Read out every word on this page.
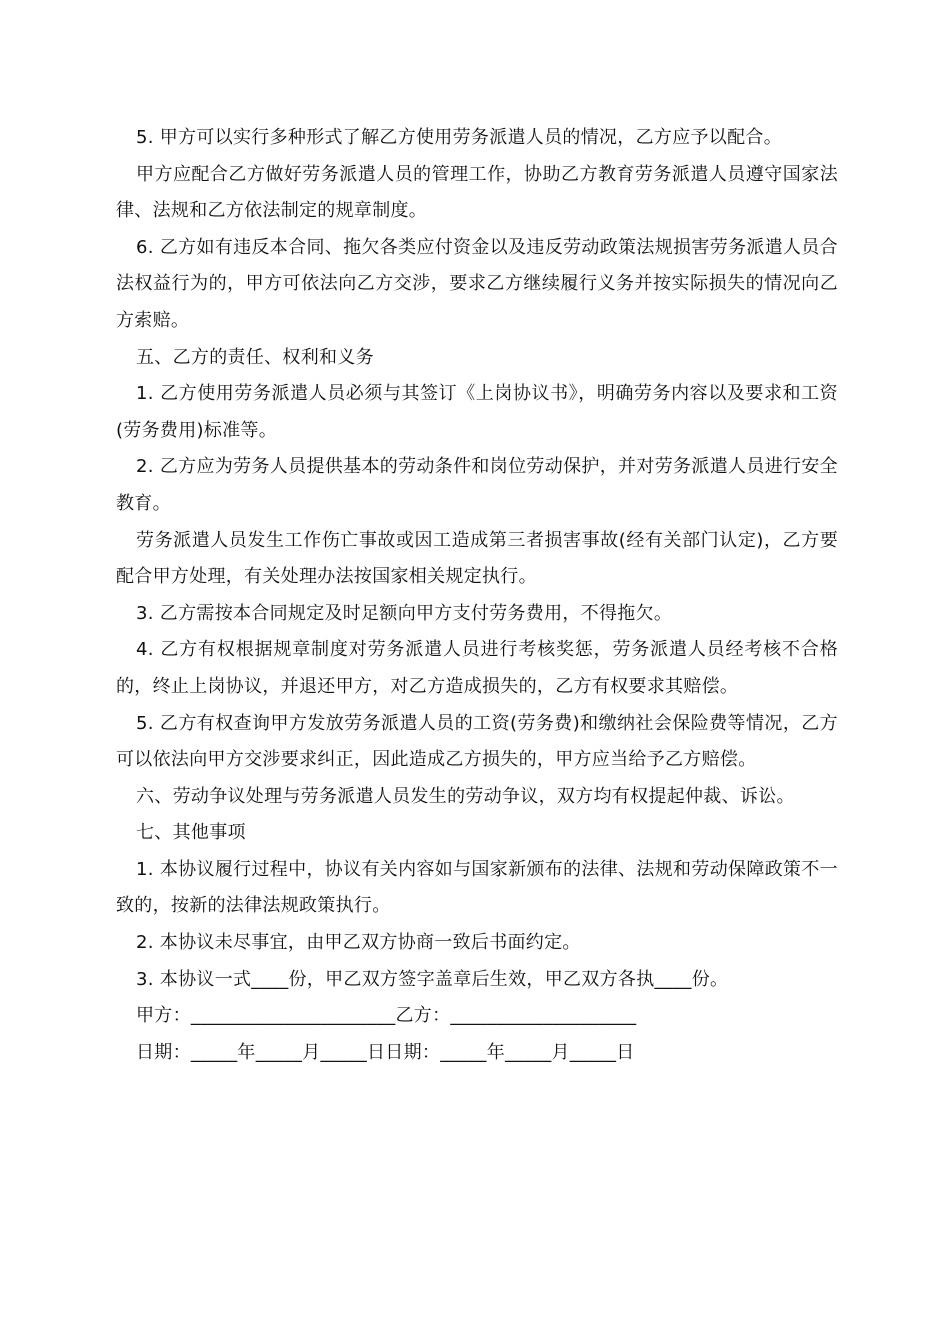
5. 甲方可以实行多种形式了解乙方使用劳务派遣人员的情况，乙方应予以配合。

甲方应配合乙方做好劳务派遣人员的管理工作，协助乙方教育劳务派遣人员遵守国家法律、法规和乙方依法制定的规章制度。

6. 乙方如有违反本合同、拖欠各类应付资金以及违反劳动政策法规损害劳务派遣人员合法权益行为的，甲方可依法向乙方交涉，要求乙方继续履行义务并按实际损失的情况向乙方索赔。

五、乙方的责任、权利和义务

1. 乙方使用劳务派遣人员必须与其签订《上岗协议书》，明确劳务内容以及要求和工资(劳务费用)标准等。

2. 乙方应为劳务人员提供基本的劳动条件和岗位劳动保护，并对劳务派遣人员进行安全教育。

劳务派遣人员发生工作伤亡事故或因工造成第三者损害事故(经有关部门认定)，乙方要配合甲方处理，有关处理办法按国家相关规定执行。

3. 乙方需按本合同规定及时足额向甲方支付劳务费用，不得拖欠。

4. 乙方有权根据规章制度对劳务派遣人员进行考核奖惩，劳务派遣人员经考核不合格的，终止上岗协议，并退还甲方，对乙方造成损失的，乙方有权要求其赔偿。

5. 乙方有权查询甲方发放劳务派遣人员的工资(劳务费)和缴纳社会保险费等情况，乙方可以依法向甲方交涉要求纠正，因此造成乙方损失的，甲方应当给予乙方赔偿。

六、劳动争议处理与劳务派遣人员发生的劳动争议，双方均有权提起仲裁、诉讼。

七、其他事项

1. 本协议履行过程中，协议有关内容如与国家新颁布的法律、法规和劳动保障政策不一致的，按新的法律法规政策执行。

2. 本协议未尽事宜，由甲乙双方协商一致后书面约定。

3. 本协议一式____份，甲乙双方签字盖章后生效，甲乙双方各执____份。

甲方：______________________乙方：____________________

日期：_____年_____月_____日日期：_____年_____月_____日
